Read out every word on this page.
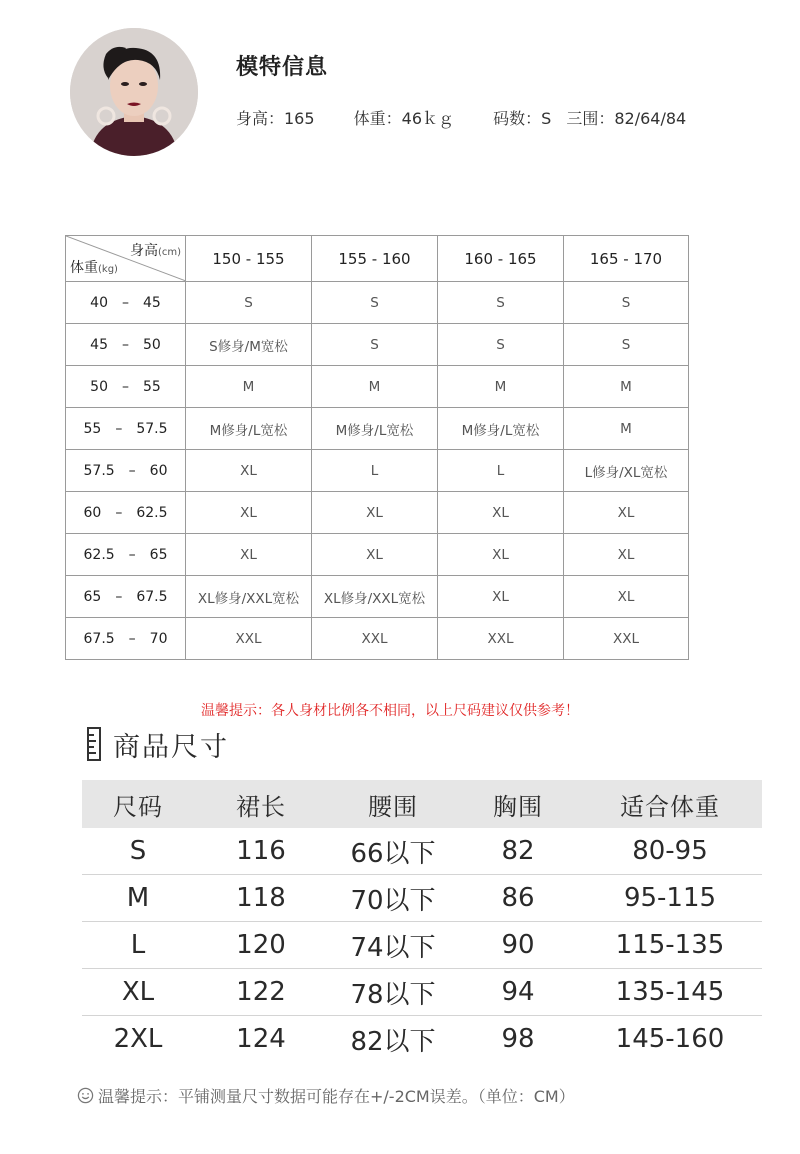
模特信息
身高：165 体重：46ｋｇ 码数：S 三围：82/64/84
身高(cm)
体重(kg)	150 - 155	155 - 160	160 - 165	165 - 170
40 – 45	S	S	S	S
45 – 50	S修身/M宽松	S	S	S
50 – 55	M	M	M	M
55 – 57.5	M修身/L宽松	M修身/L宽松	M修身/L宽松	M
57.5 – 60	XL	L	L	L修身/XL宽松
60 – 62.5	XL	XL	XL	XL
62.5 – 65	XL	XL	XL	XL
65 – 67.5	XL修身/XXL宽松	XL修身/XXL宽松	XL	XL
67.5 – 70	XXL	XXL	XXL	XXL
温馨提示：各人身材比例各不相同，以上尺码建议仅供参考！
商品尺寸
尺码	裙长	腰围	胸围	适合体重
S	116	66以下	82	80-95
M	118	70以下	86	95-115
L	120	74以下	90	115-135
XL	122	78以下	94	135-145
2XL	124	82以下	98	145-160
温馨提示：平铺测量尺寸数据可能存在+/-2CM误差。（单位：CM）
